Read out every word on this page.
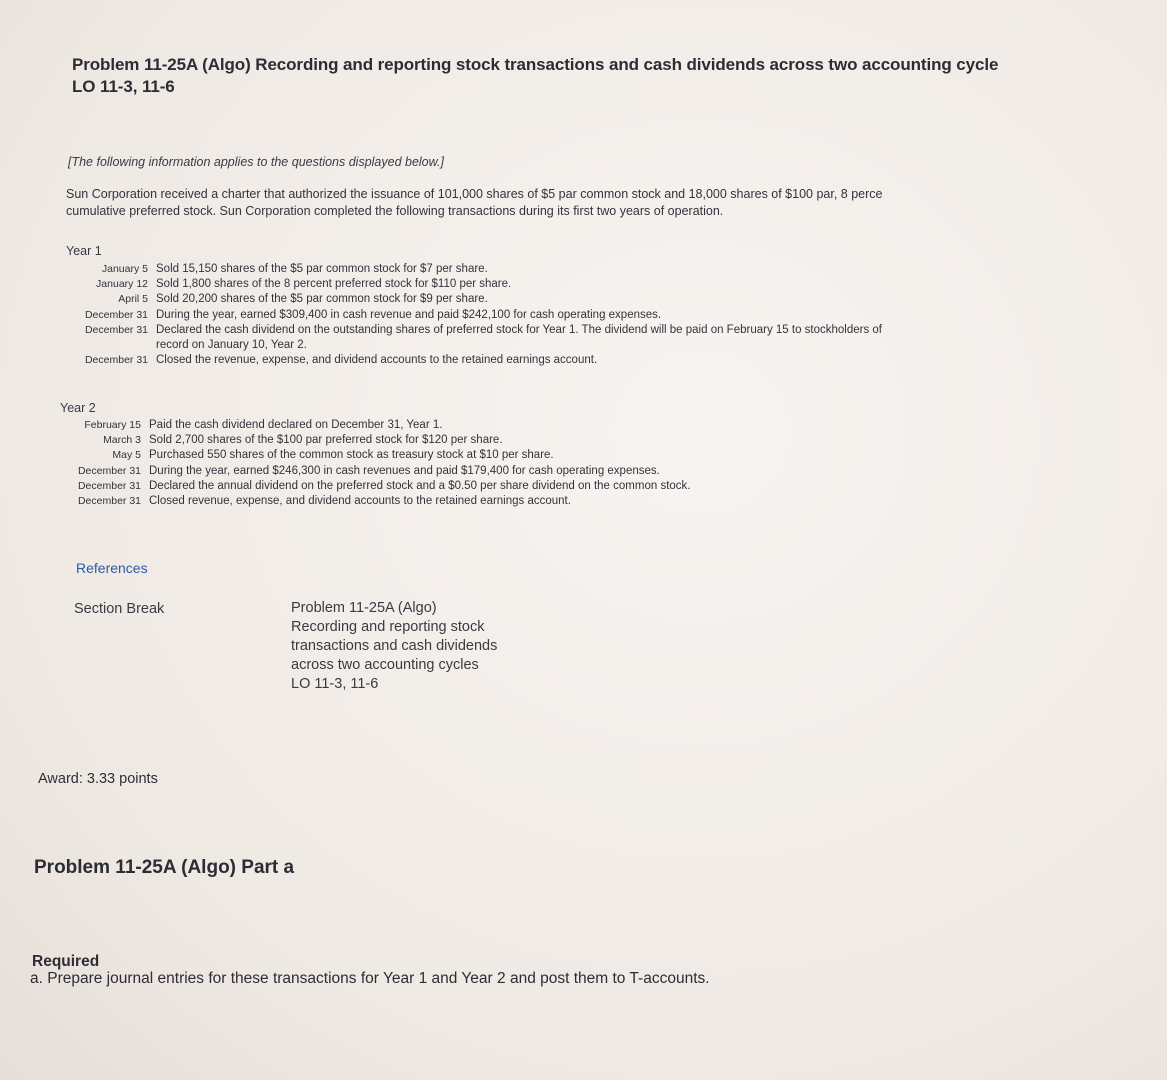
Problem 11-25A (Algo) Recording and reporting stock transactions and cash dividends across two accounting cycle
LO 11-3, 11-6
[The following information applies to the questions displayed below.]
Sun Corporation received a charter that authorized the issuance of 101,000 shares of $5 par common stock and 18,000 shares of $100 par, 8 perce
cumulative preferred stock. Sun Corporation completed the following transactions during its first two years of operation.
Year 1
January 5 Sold 15,150 shares of the $5 par common stock for $7 per share.
January 12 Sold 1,800 shares of the 8 percent preferred stock for $110 per share.
April 5 Sold 20,200 shares of the $5 par common stock for $9 per share.
December 31 During the year, earned $309,400 in cash revenue and paid $242,100 for cash operating expenses.
December 31 Declared the cash dividend on the outstanding shares of preferred stock for Year 1. The dividend will be paid on February 15 to stockholders of
record on January 10, Year 2.
December 31 Closed the revenue, expense, and dividend accounts to the retained earnings account.
Year 2
February 15 Paid the cash dividend declared on December 31, Year 1.
March 3 Sold 2,700 shares of the $100 par preferred stock for $120 per share.
May 5 Purchased 550 shares of the common stock as treasury stock at $10 per share.
December 31 During the year, earned $246,300 in cash revenues and paid $179,400 for cash operating expenses.
December 31 Declared the annual dividend on the preferred stock and a $0.50 per share dividend on the common stock.
December 31 Closed revenue, expense, and dividend accounts to the retained earnings account.
References
Section Break	Problem 11-25A (Algo)
Recording and reporting stock
transactions and cash dividends
across two accounting cycles
LO 11-3, 11-6
Award: 3.33 points
Problem 11-25A (Algo) Part a
Required
a. Prepare journal entries for these transactions for Year 1 and Year 2 and post them to T-accounts.
